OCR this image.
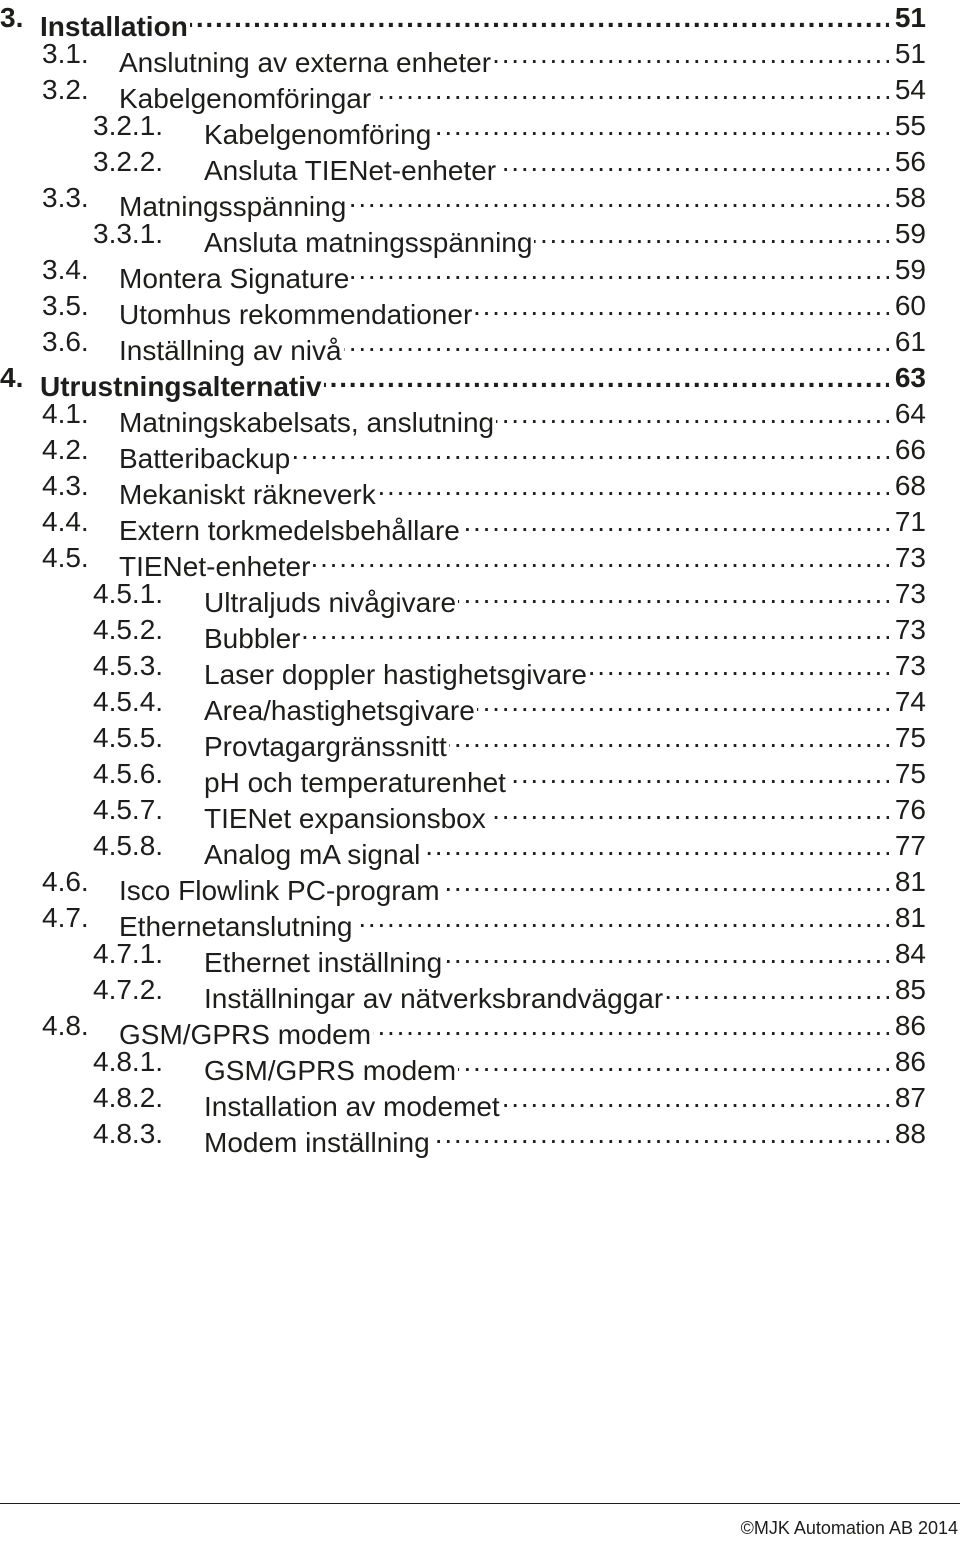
3. Installation . . .	51
3.1. Anslutning av externa enheter . . .	51
3.2. Kabelgenomföringar . . .	54
3.2.1. Kabelgenomföring . . .	55
3.2.2. Ansluta TIENet-enheter . . .	56
3.3. Matningsspänning . . .	58
3.3.1. Ansluta matningsspänning . . .	59
3.4. Montera Signature . . .	59
3.5. Utomhus rekommendationer . . .	60
3.6. Inställning av nivå . . .	61
4. Utrustningsalternativ . . .	63
4.1. Matningskabelsats, anslutning . . .	64
4.2. Batteribackup . . .	66
4.3. Mekaniskt räkneverk . . .	68
4.4. Extern torkmedelsbehållare . . .	71
4.5. TIENet-enheter . . .	73
4.5.1. Ultraljuds nivågivare . . .	73
4.5.2. Bubbler . . .	73
4.5.3. Laser doppler hastighetsgivare . . .	73
4.5.4. Area/hastighetsgivare . . .	74
4.5.5. Provtagargränssnitt . . .	75
4.5.6. pH och temperaturenhet . . .	75
4.5.7. TIENet expansionsbox . . .	76
4.5.8. Analog mA signal . . .	77
4.6. Isco Flowlink PC-program . . .	81
4.7. Ethernetanslutning . . .	81
4.7.1. Ethernet inställning . . .	84
4.7.2. Inställningar av nätverksbrandväggar . . .	85
4.8. GSM/GPRS modem . . .	86
4.8.1. GSM/GPRS modem . . .	86
4.8.2. Installation av modemet . . .	87
4.8.3. Modem inställning . . .	88
©MJK Automation AB 2014
